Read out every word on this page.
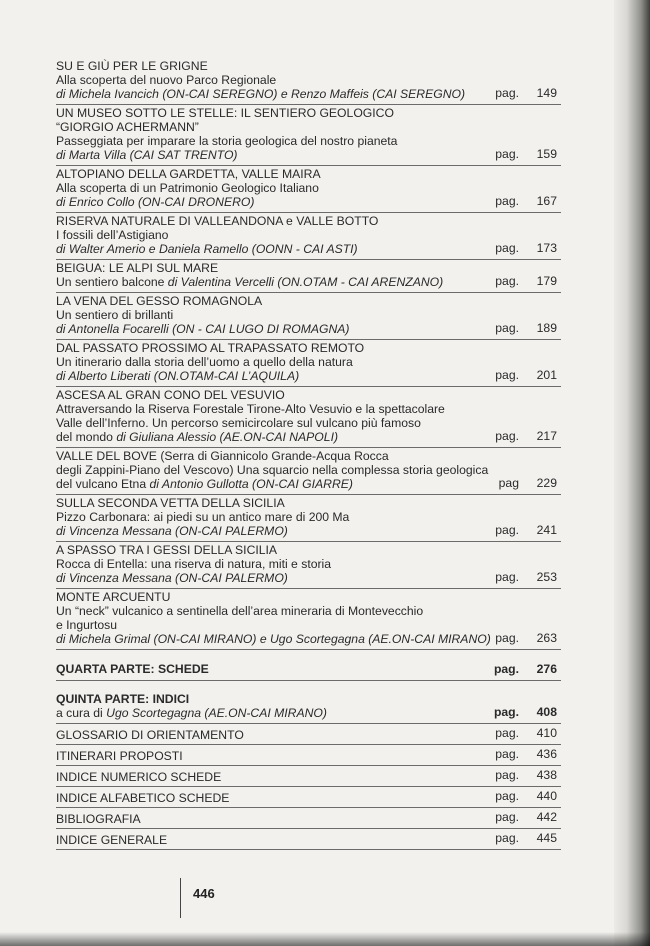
SU E GIÙ PER LE GRIGNE
Alla scoperta del nuovo Parco Regionale
di Michela Ivancich (ON-CAI SEREGNO) e Renzo Maffeis (CAI SEREGNO)	pag. 149
UN MUSEO SOTTO LE STELLE: IL SENTIERO GEOLOGICO
“GIORGIO ACHERMANN”
Passeggiata per imparare la storia geologica del nostro pianeta
di Marta Villa (CAI SAT TRENTO)	pag. 159
ALTOPIANO DELLA GARDETTA, VALLE MAIRA
Alla scoperta di un Patrimonio Geologico Italiano
di Enrico Collo (ON-CAI DRONERO)	pag. 167
RISERVA NATURALE DI VALLEANDONA e VALLE BOTTO
I fossili dell’Astigiano
di Walter Amerio e Daniela Ramello (OONN - CAI ASTI)	pag. 173
BEIGUA: LE ALPI SUL MARE
Un sentiero balcone di Valentina Vercelli (ON.OTAM - CAI ARENZANO)	pag. 179
LA VENA DEL GESSO ROMAGNOLA
Un sentiero di brillanti
di Antonella Focarelli (ON - CAI LUGO DI ROMAGNA)	pag. 189
DAL PASSATO PROSSIMO AL TRAPASSATO REMOTO
Un itinerario dalla storia dell’uomo a quello della natura
di Alberto Liberati (ON.OTAM-CAI L’AQUILA)	pag. 201
ASCESA AL GRAN CONO DEL VESUVIO
Attraversando la Riserva Forestale Tirone-Alto Vesuvio e la spettacolare
Valle dell’Inferno. Un percorso semicircolare sul vulcano più famoso
del mondo di Giuliana Alessio (AE.ON-CAI NAPOLI)	pag. 217
VALLE DEL BOVE (Serra di Giannicolo Grande-Acqua Rocca
degli Zappini-Piano del Vescovo) Una squarcio nella complessa storia geologica
del vulcano Etna di Antonio Gullotta (ON-CAI GIARRE)	pag 229
SULLA SECONDA VETTA DELLA SICILIA
Pizzo Carbonara: ai piedi su un antico mare di 200 Ma
di Vincenza Messana (ON-CAI PALERMO)	pag. 241
A SPASSO TRA I GESSI DELLA SICILIA
Rocca di Entella: una riserva di natura, miti e storia
di Vincenza Messana (ON-CAI PALERMO)	pag. 253
MONTE ARCUENTU
Un “neck” vulcanico a sentinella dell’area mineraria di Montevecchio
e Ingurtosu
di Michela Grimal (ON-CAI MIRANO) e Ugo Scortegagna (AE.ON-CAI MIRANO) pag. 263
QUARTA PARTE: SCHEDE	pag. 276
QUINTA PARTE: INDICI
a cura di Ugo Scortegagna (AE.ON-CAI MIRANO)	pag. 408
GLOSSARIO DI ORIENTAMENTO	pag. 410
ITINERARI PROPOSTI	pag. 436
INDICE NUMERICO SCHEDE	pag. 438
INDICE ALFABETICO SCHEDE	pag. 440
BIBLIOGRAFIA	pag. 442
INDICE GENERALE	pag. 445
446
